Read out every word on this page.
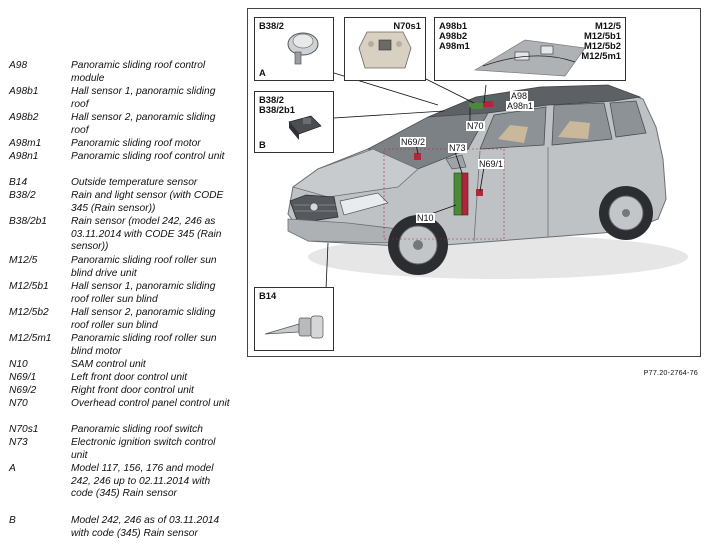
A98	Panoramic sliding roof control module
A98b1	Hall sensor 1, panoramic sliding roof
A98b2	Hall sensor 2, panoramic sliding roof
A98m1	Panoramic sliding roof motor
A98n1	Panoramic sliding roof control unit
B14	Outside temperature sensor
B38/2	Rain and light sensor (with CODE 345 (Rain sensor))
B38/2b1	Rain sensor (model 242, 246 as 03.11.2014 with CODE 345 (Rain sensor))
M12/5	Panoramic sliding roof roller sun blind drive unit
M12/5b1	Hall sensor 1, panoramic sliding roof roller sun blind
M12/5b2	Hall sensor 2, panoramic sliding roof roller sun blind
M12/5m1	Panoramic sliding roof roller sun blind motor
N10	SAM control unit
N69/1	Left front door control unit
N69/2	Right front door control unit
N70	Overhead control panel control unit
N70s1	Panoramic sliding roof switch
N73	Electronic ignition switch control unit
A	Model 117, 156, 176 and model 242, 246 up to 02.11.2014 with code (345) Rain sensor
B	Model 242, 246 as of 03.11.2014 with code (345) Rain sensor
B38/2
A
N70s1 A98b1
A98b2
A98m1
M12/5
M12/5b1
M12/5b2
M12/5m1
B38/2
B38/2b1
B
B14
A98
A98n1
N70
N73
N69/2
N69/1
N10
P77.20-2764-76
